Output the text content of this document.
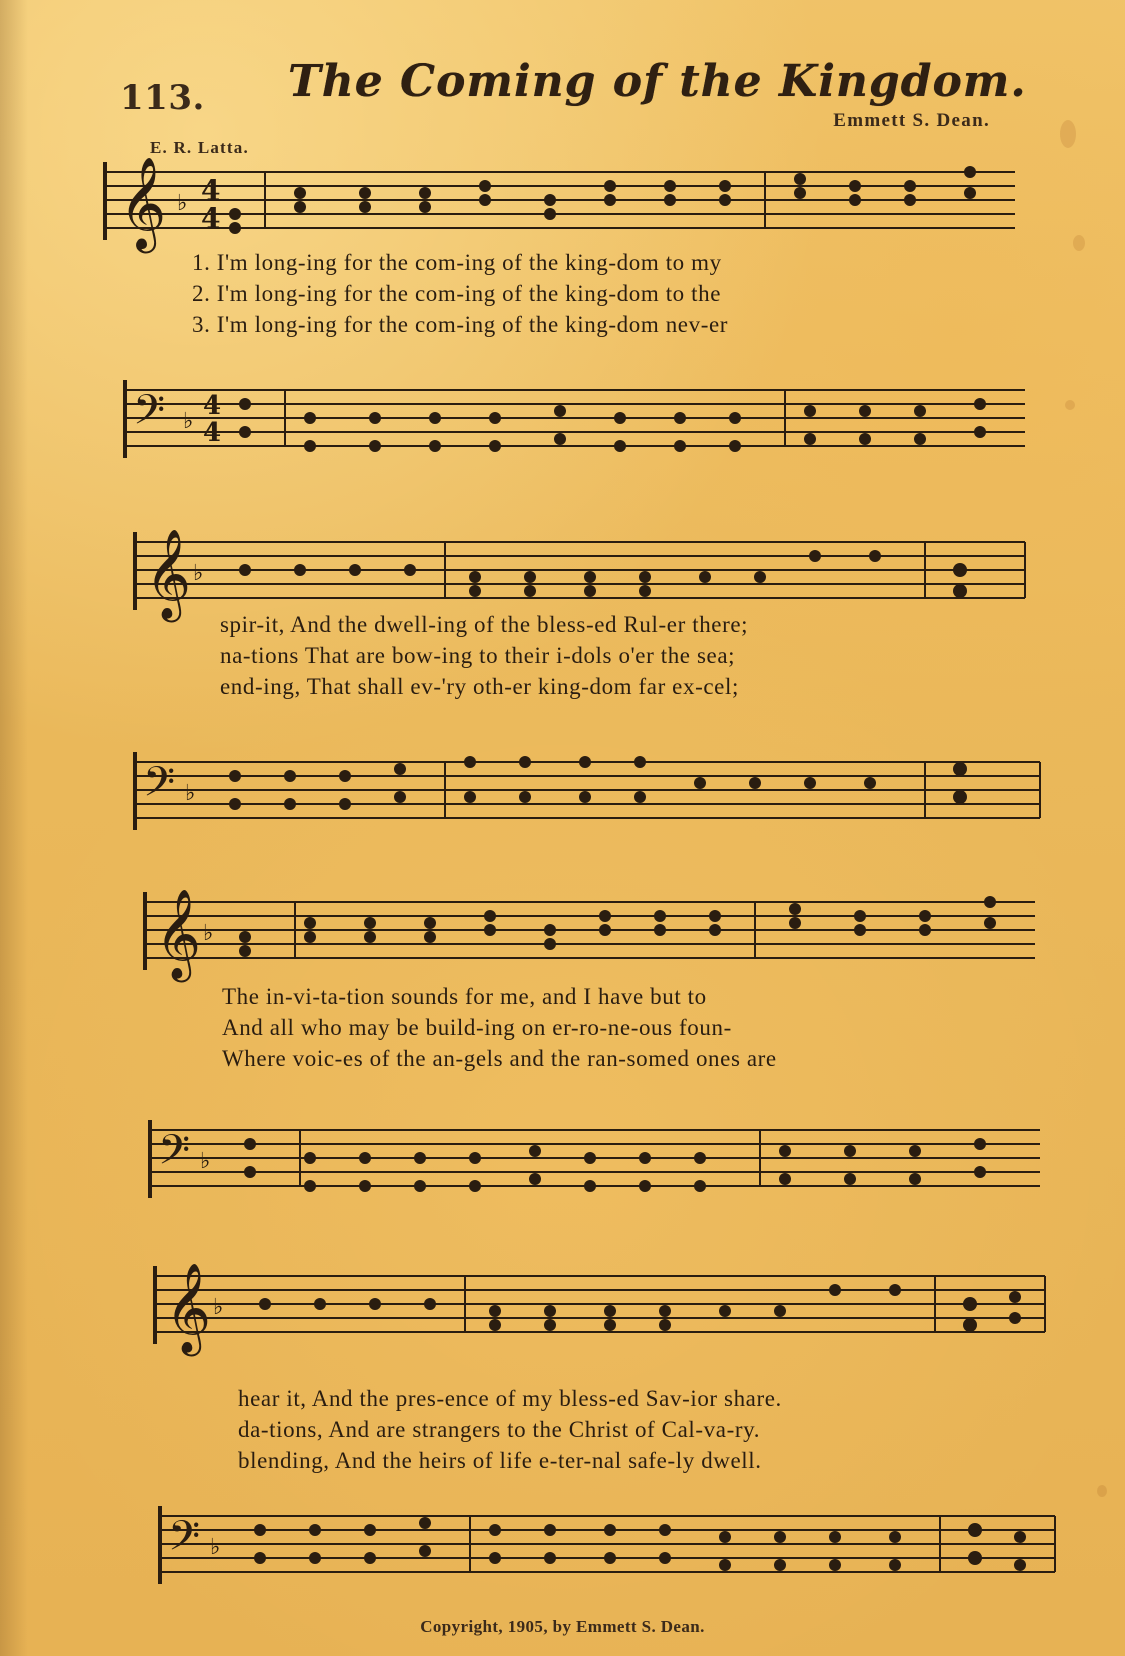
113. The Coming of the Kingdom.
Emmett S. Dean.
E. R. Latta.
𝄞 ♭ 4
4
1. I'm long-ing for the com-ing of the king-dom to my
2. I'm long-ing for the com-ing of the king-dom to the
3. I'm long-ing for the com-ing of the king-dom nev-er
𝄢 ♭
4
4
𝄞 ♭
spir-it, And the dwell-ing of the bless-ed Rul-er there;
na-tions That are bow-ing to their i-dols o'er the sea;
end-ing, That shall ev-'ry oth-er king-dom far ex-cel;
𝄢 ♭
𝄞 ♭
The in-vi-ta-tion sounds for me, and I have but to
And all who may be build-ing on er-ro-ne-ous foun-
Where voic-es of the an-gels and the ran-somed ones are
𝄢 ♭
𝄞 ♭
hear it, And the pres-ence of my bless-ed Sav-ior share.
da-tions, And are strangers to the Christ of Cal-va-ry.
blending, And the heirs of life e-ter-nal safe-ly dwell.
𝄢 ♭
Copyright, 1905, by Emmett S. Dean.
